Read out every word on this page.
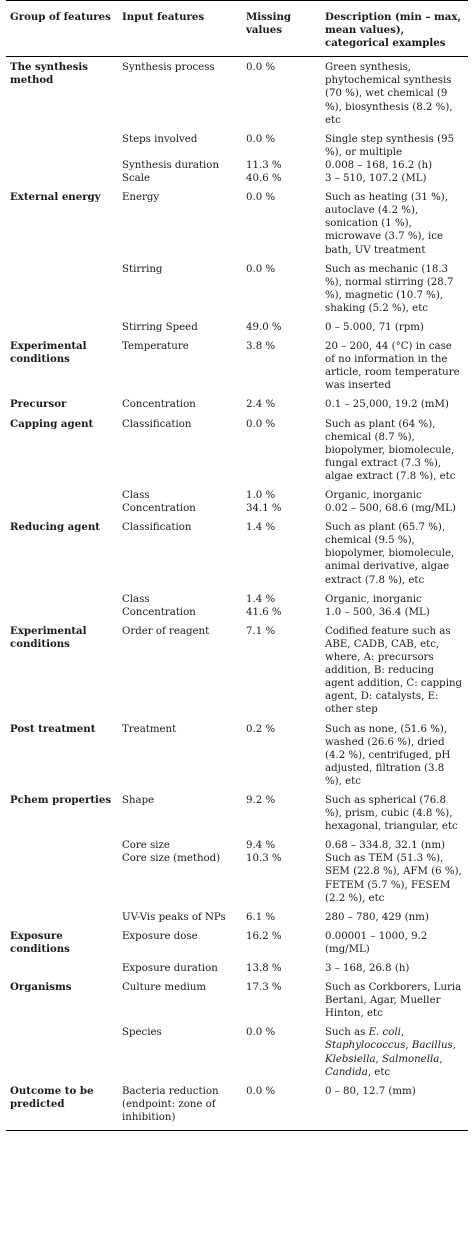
Group of features	Input features	Missing values	Description (min – max, mean values), categorical examples
The synthesis method	Synthesis process	0.0 %	Green synthesis, phytochemical synthesis (70 %), wet chemical (9 %), biosynthesis (8.2 %), etc
	Steps involved	0.0 %	Single step synthesis (95 %), or multiple
	Synthesis duration	11.3 %	0.008 – 168, 16.2 (h)
	Scale	40.6 %	3 – 510, 107.2 (ML)
External energy	Energy	0.0 %	Such as heating (31 %), autoclave (4.2 %), sonication (1 %), microwave (3.7 %), ice bath, UV treatment
	Stirring	0.0 %	Such as mechanic (18.3 %), normal stirring (28.7 %), magnetic (10.7 %), shaking (5.2 %), etc
	Stirring Speed	49.0 %	0 – 5.000, 71 (rpm)
Experimental conditions	Temperature	3.8 %	20 – 200, 44 (°C) in case of no information in the article, room temperature was inserted
Precursor	Concentration	2.4 %	0.1 – 25,000, 19.2 (mM)
Capping agent	Classification	0.0 %	Such as plant (64 %), chemical (8.7 %), biopolymer, biomolecule, fungal extract (7.3 %), algae extract (7.8 %), etc
	Class	1.0 %	Organic, inorganic
	Concentration	34.1 %	0.02 – 500, 68.6 (mg/ML)
Reducing agent	Classification	1.4 %	Such as plant (65.7 %), chemical (9.5 %), biopolymer, biomolecule, animal derivative, algae extract (7.8 %), etc
	Class	1.4 %	Organic, inorganic
	Concentration	41.6 %	1.0 – 500, 36.4 (ML)
Experimental conditions	Order of reagent	7.1 %	Codified feature such as ABE, CADB, CAB, etc, where, A: precursors addition, B: reducing agent addition, C: capping agent, D: catalysts, E: other step
Post treatment	Treatment	0.2 %	Such as none, (51.6 %), washed (26.6 %), dried (4.2 %), centrifuged, pH adjusted, filtration (3.8 %), etc
Pchem properties	Shape	9.2 %	Such as spherical (76.8 %), prism, cubic (4.8 %), hexagonal, triangular, etc
	Core size	9.4 %	0.68 – 334.8, 32.1 (nm)
	Core size (method)	10.3 %	Such as TEM (51.3 %), SEM (22.8 %), AFM (6 %), FETEM (5.7 %), FESEM (2.2 %), etc
	UV-Vis peaks of NPs	6.1 %	280 – 780, 429 (nm)
Exposure conditions	Exposure dose	16.2 %	0.00001 – 1000, 9.2 (mg/ML)
	Exposure duration	13.8 %	3 – 168, 26.8 (h)
Organisms	Culture medium	17.3 %	Such as Corkborers, Luria Bertani, Agar, Mueller Hinton, etc
	Species	0.0 %	Such as E. coli, Staphylococcus, Bacillus, Klebsiella, Salmonella, Candida, etc
Outcome to be predicted	Bacteria reduction (endpoint: zone of inhibition)	0.0 %	0 – 80, 12.7 (mm)
